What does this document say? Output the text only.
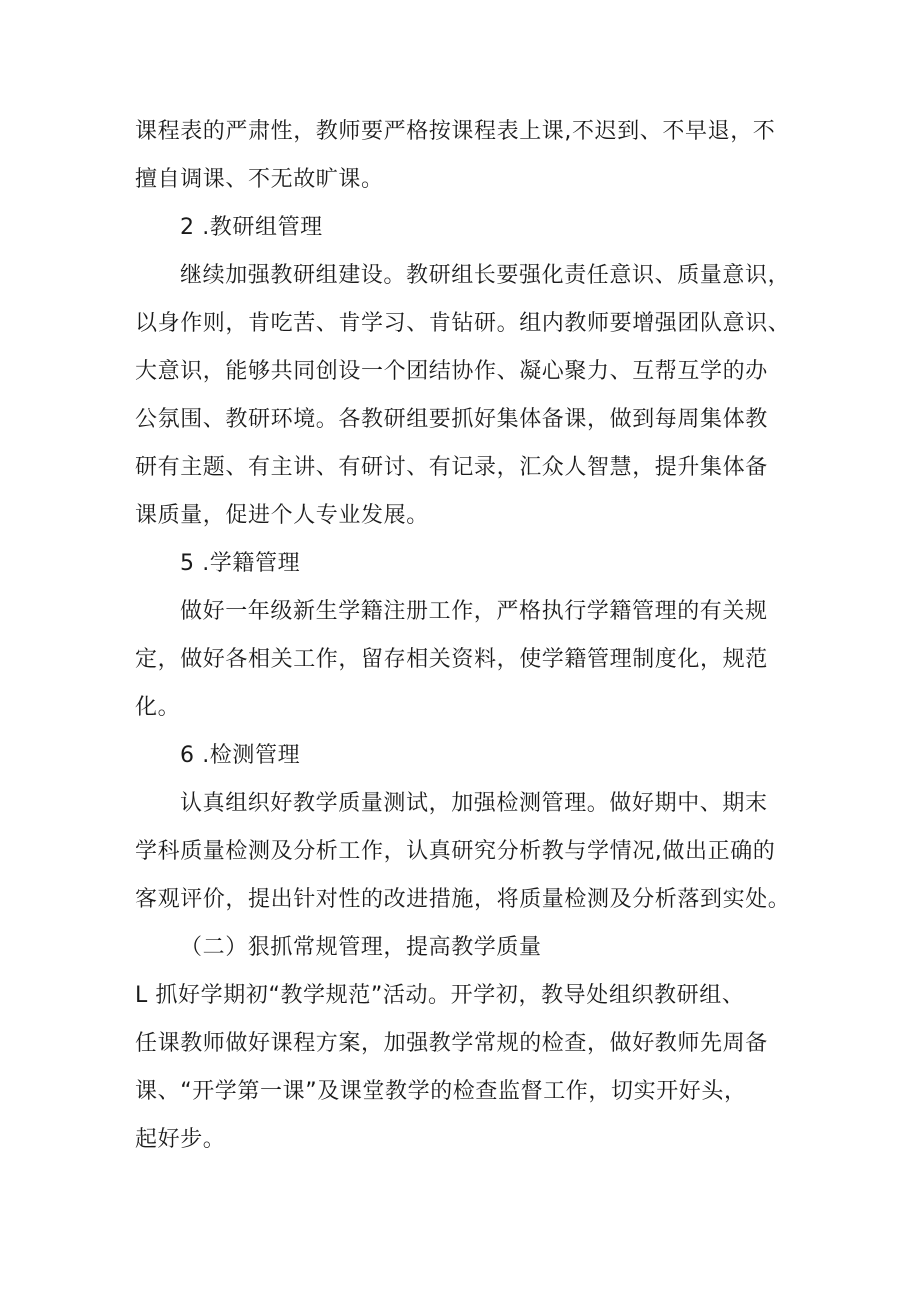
课程表的严肃性，教师要严格按课程表上课,不迟到、不早退，不
擅自调课、不无故旷课。
2 .教研组管理
继续加强教研组建设。教研组长要强化责任意识、质量意识，
以身作则，肯吃苦、肯学习、肯钻研。组内教师要增强团队意识、
大意识，能够共同创设一个团结协作、凝心聚力、互帮互学的办
公氛围、教研环境。各教研组要抓好集体备课，做到每周集体教
研有主题、有主讲、有研讨、有记录，汇众人智慧，提升集体备
课质量，促进个人专业发展。
5 .学籍管理
做好一年级新生学籍注册工作，严格执行学籍管理的有关规
定，做好各相关工作，留存相关资料，使学籍管理制度化，规范
化。
6 .检测管理
认真组织好教学质量测试，加强检测管理。做好期中、期末
学科质量检测及分析工作，认真研究分析教与学情况,做出正确的
客观评价，提出针对性的改进措施，将质量检测及分析落到实处。
（二）狠抓常规管理，提高教学质量
L 抓好学期初“教学规范”活动。开学初，教导处组织教研组、
任课教师做好课程方案，加强教学常规的检查，做好教师先周备
课、“开学第一课”及课堂教学的检查监督工作，切实开好头，
起好步。
